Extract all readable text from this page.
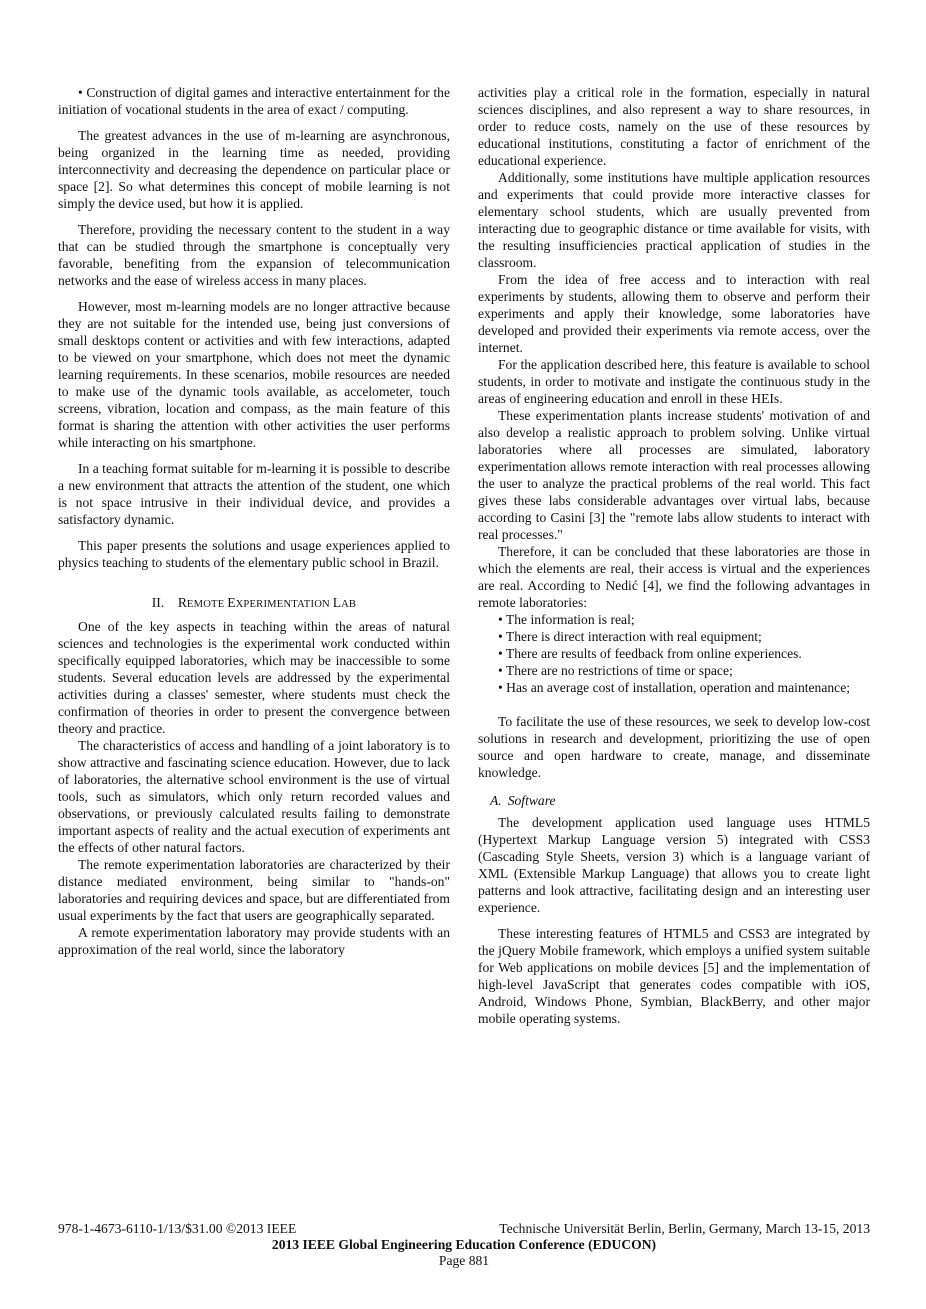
• Construction of digital games and interactive entertainment for the initiation of vocational students in the area of exact / computing.

The greatest advances in the use of m-learning are asynchronous, being organized in the learning time as needed, providing interconnectivity and decreasing the dependence on particular place or space [2]. So what determines this concept of mobile learning is not simply the device used, but how it is applied.

Therefore, providing the necessary content to the student in a way that can be studied through the smartphone is conceptually very favorable, benefiting from the expansion of telecommunication networks and the ease of wireless access in many places.

However, most m-learning models are no longer attractive because they are not suitable for the intended use, being just conversions of small desktops content or activities and with few interactions, adapted to be viewed on your smartphone, which does not meet the dynamic learning requirements. In these scenarios, mobile resources are needed to make use of the dynamic tools available, as accelometer, touch screens, vibration, location and compass, as the main feature of this format is sharing the attention with other activities the user performs while interacting on his smartphone.

In a teaching format suitable for m-learning it is possible to describe a new environment that attracts the attention of the student, one which is not space intrusive in their individual device, and provides a satisfactory dynamic.

This paper presents the solutions and usage experiences applied to physics teaching to students of the elementary public school in Brazil.

II. REMOTE EXPERIMENTATION LAB

One of the key aspects in teaching within the areas of natural sciences and technologies is the experimental work conducted within specifically equipped laboratories, which may be inaccessible to some students. Several education levels are addressed by the experimental activities during a classes' semester, where students must check the confirmation of theories in order to present the convergence between theory and practice.

The characteristics of access and handling of a joint laboratory is to show attractive and fascinating science education. However, due to lack of laboratories, the alternative school environment is the use of virtual tools, such as simulators, which only return recorded values and observations, or previously calculated results failing to demonstrate important aspects of reality and the actual execution of experiments ant the effects of other natural factors.

The remote experimentation laboratories are characterized by their distance mediated environment, being similar to "hands-on" laboratories and requiring devices and space, but are differentiated from usual experiments by the fact that users are geographically separated.

A remote experimentation laboratory may provide students with an approximation of the real world, since the laboratory

activities play a critical role in the formation, especially in natural sciences disciplines, and also represent a way to share resources, in order to reduce costs, namely on the use of these resources by educational institutions, constituting a factor of enrichment of the educational experience.

Additionally, some institutions have multiple application resources and experiments that could provide more interactive classes for elementary school students, which are usually prevented from interacting due to geographic distance or time available for visits, with the resulting insufficiencies practical application of studies in the classroom.

From the idea of free access and to interaction with real experiments by students, allowing them to observe and perform their experiments and apply their knowledge, some laboratories have developed and provided their experiments via remote access, over the internet.

For the application described here, this feature is available to school students, in order to motivate and instigate the continuous study in the areas of engineering education and enroll in these HEIs.

These experimentation plants increase students' motivation of and also develop a realistic approach to problem solving. Unlike virtual laboratories where all processes are simulated, laboratory experimentation allows remote interaction with real processes allowing the user to analyze the practical problems of the real world. This fact gives these labs considerable advantages over virtual labs, because according to Casini [3] the "remote labs allow students to interact with real processes."

Therefore, it can be concluded that these laboratories are those in which the elements are real, their access is virtual and the experiences are real. According to Nedić [4], we find the following advantages in remote laboratories:

• The information is real;

• There is direct interaction with real equipment;

• There are results of feedback from online experiences.

• There are no restrictions of time or space;

• Has an average cost of installation, operation and maintenance;

To facilitate the use of these resources, we seek to develop low-cost solutions in research and development, prioritizing the use of open source and open hardware to create, manage, and disseminate knowledge.

A. Software

The development application used language uses HTML5 (Hypertext Markup Language version 5) integrated with CSS3 (Cascading Style Sheets, version 3) which is a language variant of XML (Extensible Markup Language) that allows you to create light patterns and look attractive, facilitating design and an interesting user experience.

These interesting features of HTML5 and CSS3 are integrated by the jQuery Mobile framework, which employs a unified system suitable for Web applications on mobile devices [5] and the implementation of high-level JavaScript that generates codes compatible with iOS, Android, Windows Phone, Symbian, BlackBerry, and other major mobile operating systems.

978-1-4673-6110-1/13/$31.00 ©2013 IEEE	Technische Universität Berlin, Berlin, Germany, March 13-15, 2013
2013 IEEE Global Engineering Education Conference (EDUCON)
Page 881
